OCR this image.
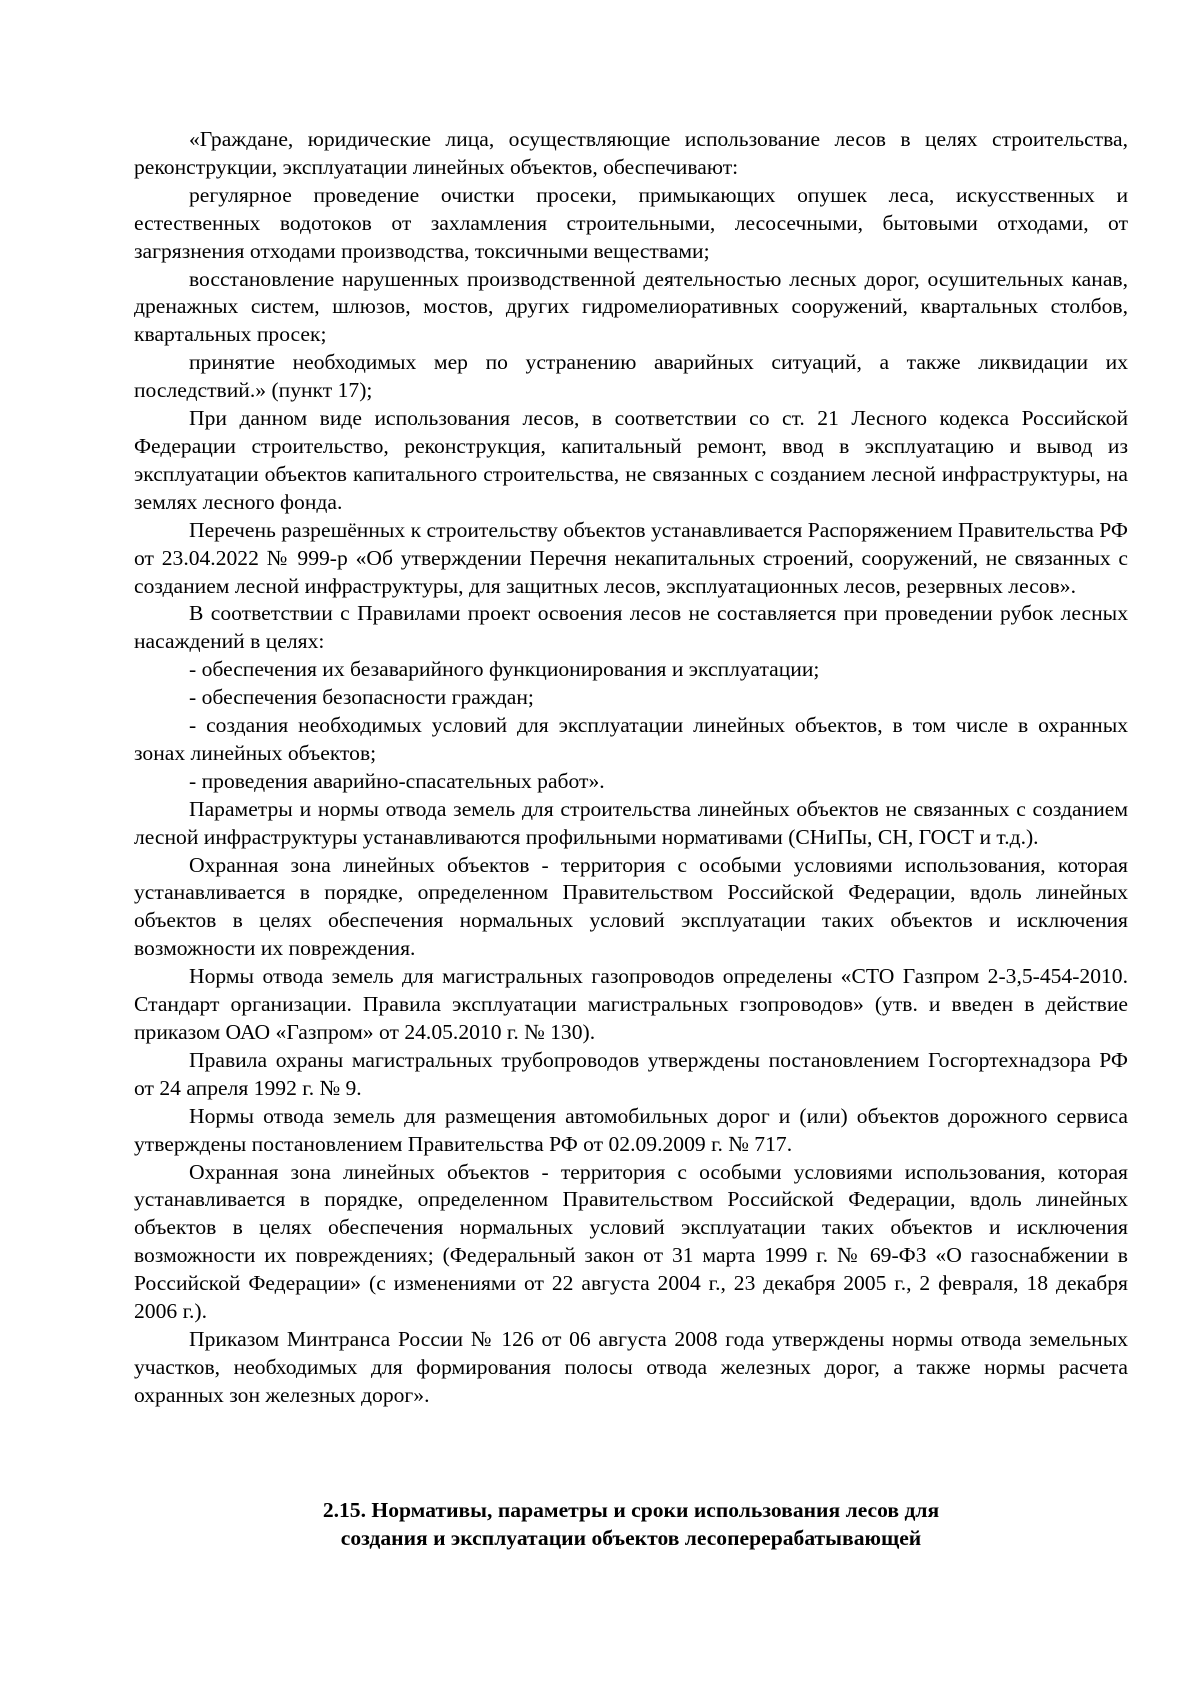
«Граждане, юридические лица, осуществляющие использование лесов в целях строительства, реконструкции, эксплуатации линейных объектов, обеспечивают:

регулярное проведение очистки просеки, примыкающих опушек леса, искусственных и естественных водотоков от захламления строительными, лесосечными, бытовыми отходами, от загрязнения отходами производства, токсичными веществами;

восстановление нарушенных производственной деятельностью лесных дорог, осушительных канав, дренажных систем, шлюзов, мостов, других гидромелиоративных сооружений, квартальных столбов, квартальных просек;

принятие необходимых мер по устранению аварийных ситуаций, а также ликвидации их последствий.» (пункт 17);

При данном виде использования лесов, в соответствии со ст. 21 Лесного кодекса Российской Федерации строительство, реконструкция, капитальный ремонт, ввод в эксплуатацию и вывод из эксплуатации объектов капитального строительства, не связанных с созданием лесной инфраструктуры, на землях лесного фонда.

Перечень разрешённых к строительству объектов устанавливается Распоряжением Правительства РФ от 23.04.2022 № 999-р «Об утверждении Перечня некапитальных строений, сооружений, не связанных с созданием лесной инфраструктуры, для защитных лесов, эксплуатационных лесов, резервных лесов».

В соответствии с Правилами проект освоения лесов не составляется при проведении рубок лесных насаждений в целях:

- обеспечения их безаварийного функционирования и эксплуатации;

- обеспечения безопасности граждан;

- создания необходимых условий для эксплуатации линейных объектов, в том числе в охранных зонах линейных объектов;

- проведения аварийно-спасательных работ».

Параметры и нормы отвода земель для строительства линейных объектов не связанных с созданием лесной инфраструктуры устанавливаются профильными нормативами (СНиПы, СН, ГОСТ и т.д.).

Охранная зона линейных объектов - территория с особыми условиями использования, которая устанавливается в порядке, определенном Правительством Российской Федерации, вдоль линейных объектов в целях обеспечения нормальных условий эксплуатации таких объектов и исключения возможности их повреждения.

Нормы отвода земель для магистральных газопроводов определены «СТО Газпром 2-3,5-454-2010. Стандарт организации. Правила эксплуатации магистральных гзопроводов» (утв. и введен в действие приказом ОАО «Газпром» от 24.05.2010 г. № 130).

Правила охраны магистральных трубопроводов утверждены постановлением Госгортехнадзора РФ от 24 апреля 1992 г. № 9.

Нормы отвода земель для размещения автомобильных дорог и (или) объектов дорожного сервиса утверждены постановлением Правительства РФ от 02.09.2009 г. № 717.

Охранная зона линейных объектов - территория с особыми условиями использования, которая устанавливается в порядке, определенном Правительством Российской Федерации, вдоль линейных объектов в целях обеспечения нормальных условий эксплуатации таких объектов и исключения возможности их повреждениях; (Федеральный закон от 31 марта 1999 г. № 69-ФЗ «О газоснабжении в Российской Федерации» (с изменениями от 22 августа 2004 г., 23 декабря 2005 г., 2 февраля, 18 декабря 2006 г.).

Приказом Минтранса России № 126 от 06 августа 2008 года утверждены нормы отвода земельных участков, необходимых для формирования полосы отвода железных дорог, а также нормы расчета охранных зон железных дорог».

2.15. Нормативы, параметры и сроки использования лесов для
создания и эксплуатации объектов лесоперерабатывающей
